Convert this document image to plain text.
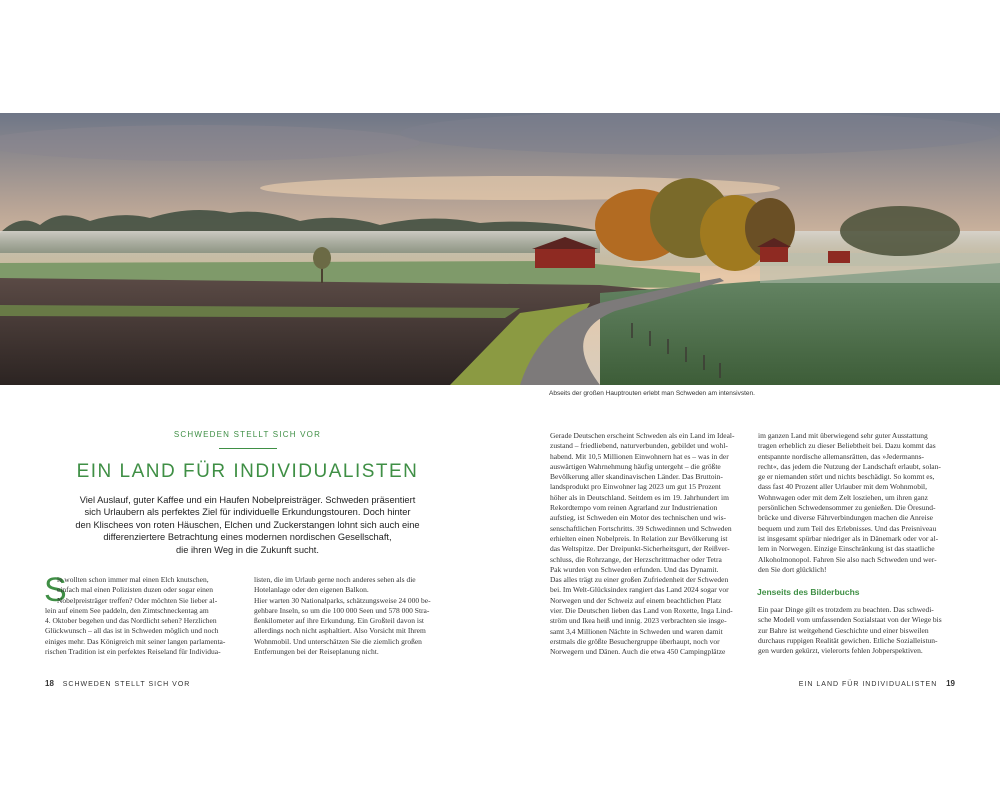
Abseits der großen Hauptrouten erlebt man Schweden am intensivsten.
SCHWEDEN STELLT SICH VOR
EIN LAND FÜR INDIVIDUALISTEN
Viel Auslauf, guter Kaffee und ein Haufen Nobelpreisträger. Schweden präsentiert
sich Urlaubern als perfektes Ziel für individuelle Erkundungstouren. Doch hinter
den Klischees von roten Häuschen, Elchen und Zuckerstangen lohnt sich auch eine
differenziertere Betrachtung eines modernen nordischen Gesellschaft,
die ihren Weg in die Zukunft sucht.
S
ie wollten schon immer mal einen Elch knutschen,
einfach mal einen Polizisten duzen oder sogar einen
Nobelpreisträger treffen? Oder möchten Sie lieber al-
lein auf einem See paddeln, den Zimtschneckentag am
4. Oktober begehen und das Nordlicht sehen? Herzlichen
Glückwunsch – all das ist in Schweden möglich und noch
einiges mehr. Das Königreich mit seiner langen parlamenta-
rischen Tradition ist ein perfektes Reiseland für Individua-
listen, die im Urlaub gerne noch anderes sehen als die
Hotelanlage oder den eigenen Balkon.
Hier warten 30 Nationalparks, schätzungsweise 24 000 be-
gehbare Inseln, so um die 100 000 Seen und 578 000 Stra-
ßenkilometer auf ihre Erkundung. Ein Großteil davon ist
allerdings noch nicht asphaltiert. Also Vorsicht mit Ihrem
Wohnmobil. Und unterschätzen Sie die ziemlich großen
Entfernungen bei der Reiseplanung nicht.
Gerade Deutschen erscheint Schweden als ein Land im Ideal-
zustand – friedliebend, naturverbunden, gebildet und wohl-
habend. Mit 10,5 Millionen Einwohnern hat es – was in der
auswärtigen Wahrnehmung häufig untergeht – die größte
Bevölkerung aller skandinavischen Länder. Das Bruttoin-
landsprodukt pro Einwohner lag 2023 um gut 15 Prozent
höher als in Deutschland. Seitdem es im 19. Jahrhundert im
Rekordtempo vom reinen Agrarland zur Industrienation
aufstieg, ist Schweden ein Motor des technischen und wis-
senschaftlichen Fortschritts. 39 Schwedinnen und Schweden
erhielten einen Nobelpreis. In Relation zur Bevölkerung ist
das Weltspitze. Der Dreipunkt-Sicherheitsgurt, der Reißver-
schluss, die Rohrzange, der Herzschrittmacher oder Tetra
Pak wurden von Schweden erfunden. Und das Dynamit.
Das alles trägt zu einer großen Zufriedenheit der Schweden
bei. Im Welt-Glücksindex rangiert das Land 2024 sogar vor
Norwegen und der Schweiz auf einem beachtlichen Platz
vier. Die Deutschen lieben das Land von Roxette, Inga Lind-
ström und Ikea heiß und innig. 2023 verbrachten sie insge-
samt 3,4 Millionen Nächte in Schweden und waren damit
erstmals die größte Besuchergruppe überhaupt, noch vor
Norwegern und Dänen. Auch die etwa 450 Campingplätze
im ganzen Land mit überwiegend sehr guter Ausstattung
tragen erheblich zu dieser Beliebtheit bei. Dazu kommt das
entspannte nordische allemansrätten, das »Jedermanns-
recht«, das jedem die Nutzung der Landschaft erlaubt, solan-
ge er niemanden stört und nichts beschädigt. So kommt es,
dass fast 40 Prozent aller Urlauber mit dem Wohnmobil,
Wohnwagen oder mit dem Zelt losziehen, um ihren ganz
persönlichen Schwedensommer zu genießen. Die Öresund-
brücke und diverse Fährverbindungen machen die Anreise
bequem und zum Teil des Erlebnisses. Und das Preisniveau
ist insgesamt spürbar niedriger als in Dänemark oder vor al-
lem in Norwegen. Einzige Einschränkung ist das staatliche
Alkoholmonopol. Fahren Sie also nach Schweden und wer-
den Sie dort glücklich!
Jenseits des Bilderbuchs
Ein paar Dinge gilt es trotzdem zu beachten. Das schwedi-
sche Modell vom umfassenden Sozialstaat von der Wiege bis
zur Bahre ist weitgehend Geschichte und einer bisweilen
durchaus ruppigen Realität gewichen. Etliche Sozialleistun-
gen wurden gekürzt, vielerorts fehlen Jobperspektiven.
18 SCHWEDEN STELLT SICH VOR	EIN LAND FÜR INDIVIDUALISTEN 19
